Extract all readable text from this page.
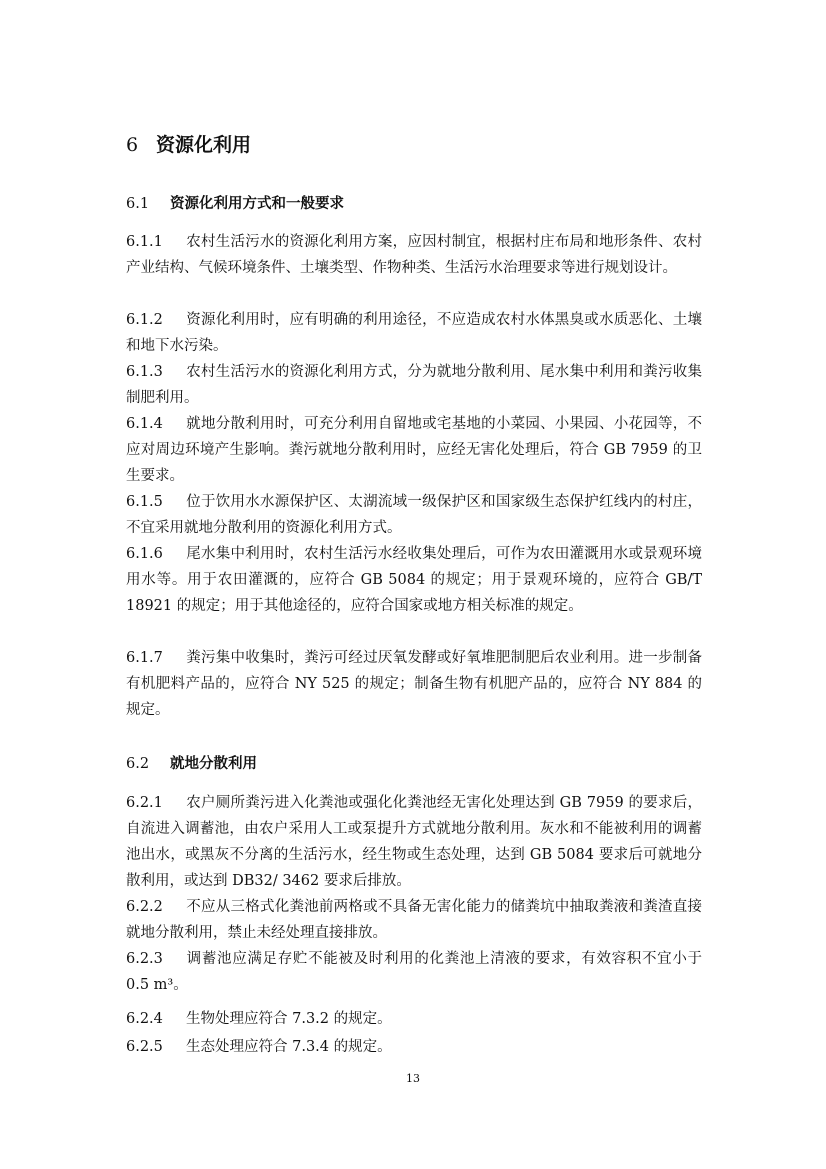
6 资源化利用
6.1 资源化利用方式和一般要求
6.1.1 农村生活污水的资源化利用方案，应因村制宜，根据村庄布局和地形条件、农村产业结构、气候环境条件、土壤类型、作物种类、生活污水治理要求等进行规划设计。
6.1.2 资源化利用时，应有明确的利用途径，不应造成农村水体黑臭或水质恶化、土壤和地下水污染。
6.1.3 农村生活污水的资源化利用方式，分为就地分散利用、尾水集中利用和粪污收集制肥利用。
6.1.4 就地分散利用时，可充分利用自留地或宅基地的小菜园、小果园、小花园等，不应对周边环境产生影响。粪污就地分散利用时，应经无害化处理后，符合 GB 7959 的卫生要求。
6.1.5 位于饮用水水源保护区、太湖流域一级保护区和国家级生态保护红线内的村庄，不宜采用就地分散利用的资源化利用方式。
6.1.6 尾水集中利用时，农村生活污水经收集处理后，可作为农田灌溉用水或景观环境用水等。用于农田灌溉的，应符合 GB 5084 的规定；用于景观环境的，应符合 GB/T 18921 的规定；用于其他途径的，应符合国家或地方相关标准的规定。
6.1.7 粪污集中收集时，粪污可经过厌氧发酵或好氧堆肥制肥后农业利用。进一步制备有机肥料产品的，应符合 NY 525 的规定；制备生物有机肥产品的，应符合 NY 884 的规定。
6.2 就地分散利用
6.2.1 农户厕所粪污进入化粪池或强化化粪池经无害化处理达到 GB 7959 的要求后，自流进入调蓄池，由农户采用人工或泵提升方式就地分散利用。灰水和不能被利用的调蓄池出水，或黑灰不分离的生活污水，经生物或生态处理，达到 GB 5084 要求后可就地分散利用，或达到 DB32/ 3462 要求后排放。
6.2.2 不应从三格式化粪池前两格或不具备无害化能力的储粪坑中抽取粪液和粪渣直接就地分散利用，禁止未经处理直接排放。
6.2.3 调蓄池应满足存贮不能被及时利用的化粪池上清液的要求，有效容积不宜小于 0.5 m³。
6.2.4 生物处理应符合 7.3.2 的规定。
6.2.5 生态处理应符合 7.3.4 的规定。
13
